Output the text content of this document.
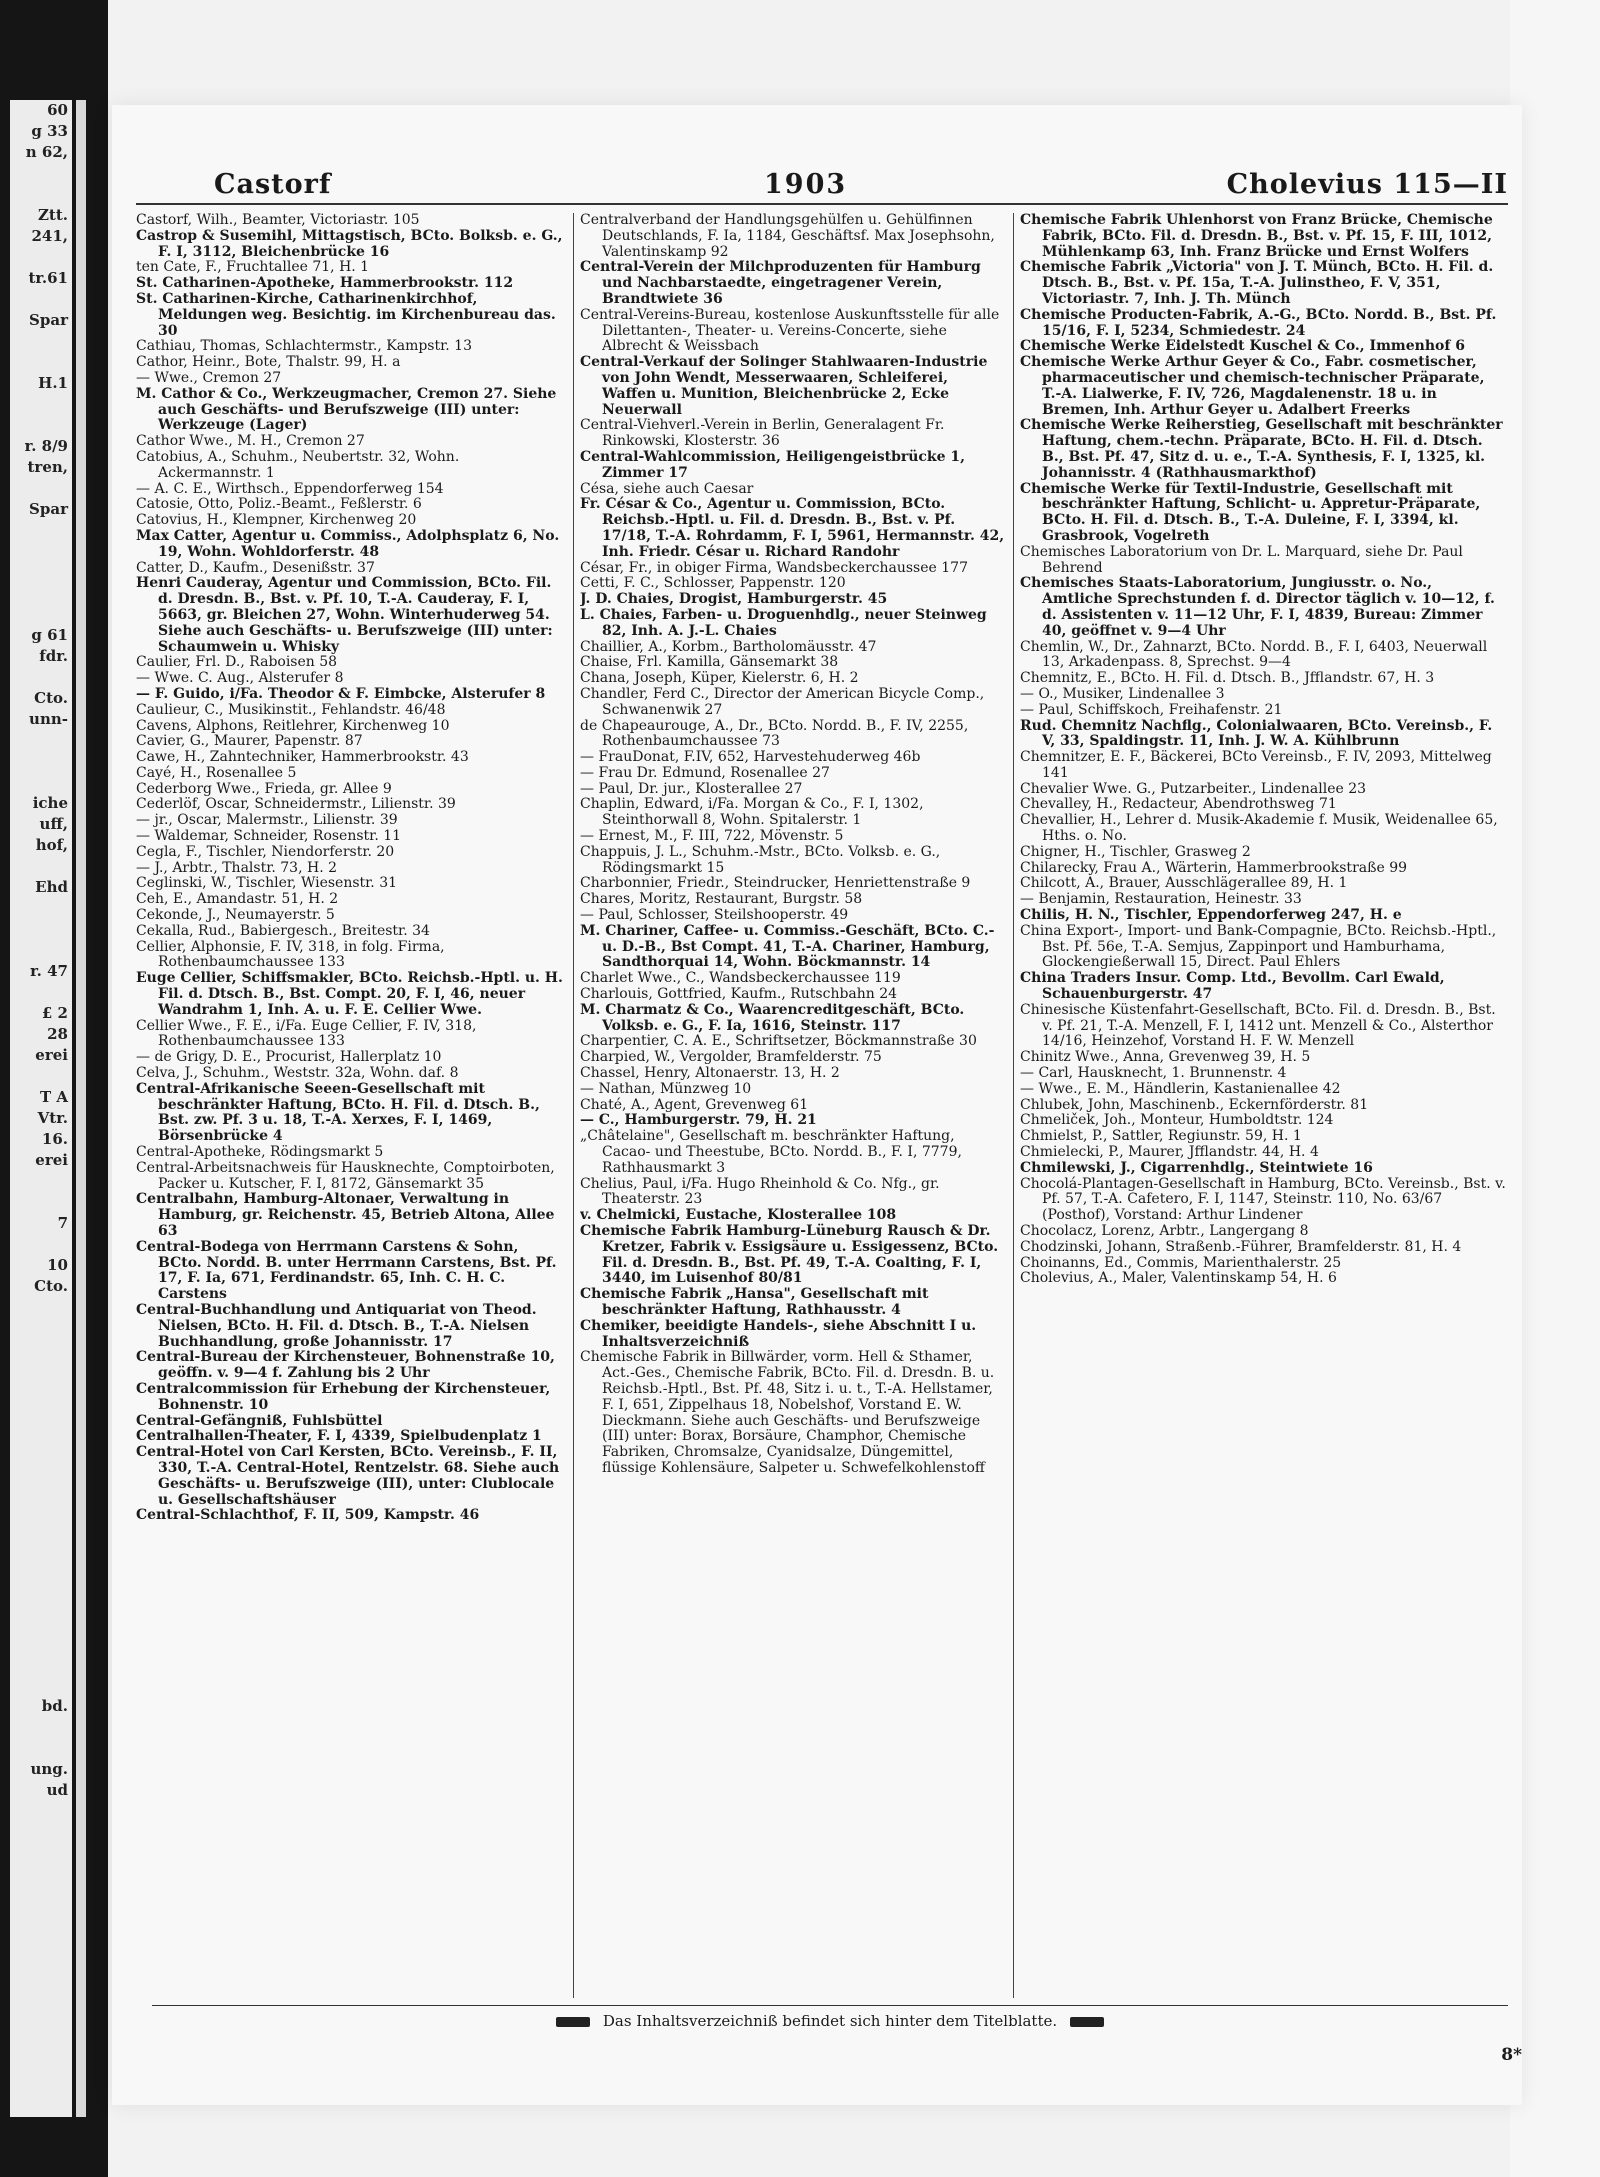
60
g 33
n 62,
Ztt.
241,
tr.61
Spar
H.1
r. 8/9
tren,
Spar
g 61
fdr.
Cto.
unn-
iche
uff,
hof,
Ehd
r. 47
£ 2
28
erei
T A
Vtr.
16.
erei
7
10
Cto.
bd.
ung.
ud
Castorf	1903	Cholevius 115—II

Castorf, Wilh., Beamter, Victoriastr. 105

Castrop & Susemihl, Mittagstisch, BCto. Bolksb. e. G., F. I, 3112, Bleichenbrücke 16

ten Cate, F., Fruchtallee 71, H. 1

St. Catharinen-Apotheke, Hammerbrookstr. 112

St. Catharinen-Kirche, Catharinenkirchhof, Meldungen weg. Besichtig. im Kirchenbureau das. 30

Cathiau, Thomas, Schlachtermstr., Kampstr. 13

Cathor, Heinr., Bote, Thalstr. 99, H. a

— Wwe., Cremon 27

M. Cathor & Co., Werkzeugmacher, Cremon 27. Siehe auch Geschäfts- und Berufszweige (III) unter: Werkzeuge (Lager)

Cathor Wwe., M. H., Cremon 27

Catobius, A., Schuhm., Neubertstr. 32, Wohn. Ackermannstr. 1

— A. C. E., Wirthsch., Eppendorferweg 154

Catosie, Otto, Poliz.-Beamt., Feßlerstr. 6

Catovius, H., Klempner, Kirchenweg 20

Max Catter, Agentur u. Commiss., Adolphsplatz 6, No. 19, Wohn. Wohldorferstr. 48

Catter, D., Kaufm., Desenißstr. 37

Henri Cauderay, Agentur und Commission, BCto. Fil. d. Dresdn. B., Bst. v. Pf. 10, T.-A. Cauderay, F. I, 5663, gr. Bleichen 27, Wohn. Winterhuderweg 54. Siehe auch Geschäfts- u. Berufszweige (III) unter: Schaumwein u. Whisky

Caulier, Frl. D., Raboisen 58

— Wwe. C. Aug., Alsterufer 8

— F. Guido, i/Fa. Theodor & F. Eimbcke, Alsterufer 8

Caulieur, C., Musikinstit., Fehlandstr. 46/48

Cavens, Alphons, Reitlehrer, Kirchenweg 10

Cavier, G., Maurer, Papenstr. 87

Cawe, H., Zahntechniker, Hammerbrookstr. 43

Cayé, H., Rosenallee 5

Cederborg Wwe., Frieda, gr. Allee 9

Cederlöf, Oscar, Schneidermstr., Lilienstr. 39

— jr., Oscar, Malermstr., Lilienstr. 39

— Waldemar, Schneider, Rosenstr. 11

Cegla, F., Tischler, Niendorferstr. 20

— J., Arbtr., Thalstr. 73, H. 2

Ceglinski, W., Tischler, Wiesenstr. 31

Ceh, E., Amandastr. 51, H. 2

Cekonde, J., Neumayerstr. 5

Cekalla, Rud., Babiergesch., Breitestr. 34

Cellier, Alphonsie, F. IV, 318, in folg. Firma, Rothenbaumchaussee 133

Euge Cellier, Schiffsmakler, BCto. Reichsb.-Hptl. u. H. Fil. d. Dtsch. B., Bst. Compt. 20, F. I, 46, neuer Wandrahm 1, Inh. A. u. F. E. Cellier Wwe.

Cellier Wwe., F. E., i/Fa. Euge Cellier, F. IV, 318, Rothenbaumchaussee 133

— de Grigy, D. E., Procurist, Hallerplatz 10

Celva, J., Schuhm., Weststr. 32a, Wohn. daf. 8

Central-Afrikanische Seeen-Gesellschaft mit beschränkter Haftung, BCto. H. Fil. d. Dtsch. B., Bst. zw. Pf. 3 u. 18, T.-A. Xerxes, F. I, 1469, Börsenbrücke 4

Central-Apotheke, Rödingsmarkt 5

Central-Arbeitsnachweis für Hausknechte, Comptoirboten, Packer u. Kutscher, F. I, 8172, Gänsemarkt 35

Centralbahn, Hamburg-Altonaer, Verwaltung in Hamburg, gr. Reichenstr. 45, Betrieb Altona, Allee 63

Central-Bodega von Herrmann Carstens & Sohn, BCto. Nordd. B. unter Herrmann Carstens, Bst. Pf. 17, F. Ia, 671, Ferdinandstr. 65, Inh. C. H. C. Carstens

Central-Buchhandlung und Antiquariat von Theod. Nielsen, BCto. H. Fil. d. Dtsch. B., T.-A. Nielsen Buchhandlung, große Johannisstr. 17

Central-Bureau der Kirchensteuer, Bohnenstraße 10, geöffn. v. 9—4 f. Zahlung bis 2 Uhr

Centralcommission für Erhebung der Kirchensteuer, Bohnenstr. 10

Central-Gefängniß, Fuhlsbüttel

Centralhallen-Theater, F. I, 4339, Spielbudenplatz 1

Central-Hotel von Carl Kersten, BCto. Vereinsb., F. II, 330, T.-A. Central-Hotel, Rentzelstr. 68. Siehe auch Geschäfts- u. Berufszweige (III), unter: Clublocale u. Gesellschaftshäuser

Central-Schlachthof, F. II, 509, Kampstr. 46

Centralverband der Handlungsgehülfen u. Gehülfinnen Deutschlands, F. Ia, 1184, Geschäftsf. Max Josephsohn, Valentinskamp 92

Central-Verein der Milchproduzenten für Hamburg und Nachbarstaedte, eingetragener Verein, Brandtwiete 36

Central-Vereins-Bureau, kostenlose Auskunftsstelle für alle Dilettanten-, Theater- u. Vereins-Concerte, siehe Albrecht & Weissbach

Central-Verkauf der Solinger Stahlwaaren-Industrie von John Wendt, Messerwaaren, Schleiferei, Waffen u. Munition, Bleichenbrücke 2, Ecke Neuerwall

Central-Viehverl.-Verein in Berlin, Generalagent Fr. Rinkowski, Klosterstr. 36

Central-Wahlcommission, Heiligengeistbrücke 1, Zimmer 17

Césa, siehe auch Caesar

Fr. César & Co., Agentur u. Commission, BCto. Reichsb.-Hptl. u. Fil. d. Dresdn. B., Bst. v. Pf. 17/18, T.-A. Rohrdamm, F. I, 5961, Hermannstr. 42, Inh. Friedr. César u. Richard Randohr

César, Fr., in obiger Firma, Wandsbeckerchaussee 177

Cetti, F. C., Schlosser, Pappenstr. 120

J. D. Chaies, Drogist, Hamburgerstr. 45

L. Chaies, Farben- u. Droguenhdlg., neuer Steinweg 82, Inh. A. J.-L. Chaies

Chaillier, A., Korbm., Bartholomäusstr. 47

Chaise, Frl. Kamilla, Gänsemarkt 38

Chana, Joseph, Küper, Kielerstr. 6, H. 2

Chandler, Ferd C., Director der American Bicycle Comp., Schwanenwik 27

de Chapeaurouge, A., Dr., BCto. Nordd. B., F. IV, 2255, Rothenbaumchaussee 73

— FrauDonat, F.IV, 652, Harvestehuderweg 46b

— Frau Dr. Edmund, Rosenallee 27

— Paul, Dr. jur., Klosterallee 27

Chaplin, Edward, i/Fa. Morgan & Co., F. I, 1302, Steinthorwall 8, Wohn. Spitalerstr. 1

— Ernest, M., F. III, 722, Mövenstr. 5

Chappuis, J. L., Schuhm.-Mstr., BCto. Volksb. e. G., Rödingsmarkt 15

Charbonnier, Friedr., Steindrucker, Henriettenstraße 9

Chares, Moritz, Restaurant, Burgstr. 58

— Paul, Schlosser, Steilshooperstr. 49

M. Chariner, Caffee- u. Commiss.-Geschäft, BCto. C.- u. D.-B., Bst Compt. 41, T.-A. Chariner, Hamburg, Sandthorquai 14, Wohn. Böckmannstr. 14

Charlet Wwe., C., Wandsbeckerchaussee 119

Charlouis, Gottfried, Kaufm., Rutschbahn 24

M. Charmatz & Co., Waarencreditgeschäft, BCto. Volksb. e. G., F. Ia, 1616, Steinstr. 117

Charpentier, C. A. E., Schriftsetzer, Böckmannstraße 30

Charpied, W., Vergolder, Bramfelderstr. 75

Chassel, Henry, Altonaerstr. 13, H. 2

— Nathan, Münzweg 10

Chaté, A., Agent, Grevenweg 61

— C., Hamburgerstr. 79, H. 21

„Châtelaine", Gesellschaft m. beschränkter Haftung, Cacao- und Theestube, BCto. Nordd. B., F. I, 7779, Rathhausmarkt 3

Chelius, Paul, i/Fa. Hugo Rheinhold & Co. Nfg., gr. Theaterstr. 23

v. Chelmicki, Eustache, Klosterallee 108

Chemische Fabrik Hamburg-Lüneburg Rausch & Dr. Kretzer, Fabrik v. Essigsäure u. Essigessenz, BCto. Fil. d. Dresdn. B., Bst. Pf. 49, T.-A. Coalting, F. I, 3440, im Luisenhof 80/81

Chemische Fabrik „Hansa", Gesellschaft mit beschränkter Haftung, Rathhausstr. 4

Chemiker, beeidigte Handels-, siehe Abschnitt I u. Inhaltsverzeichniß

Chemische Fabrik in Billwärder, vorm. Hell & Sthamer, Act.-Ges., Chemische Fabrik, BCto. Fil. d. Dresdn. B. u. Reichsb.-Hptl., Bst. Pf. 48, Sitz i. u. t., T.-A. Hellstamer, F. I, 651, Zippelhaus 18, Nobelshof, Vorstand E. W. Dieckmann. Siehe auch Geschäfts- und Berufszweige (III) unter: Borax, Borsäure, Champhor, Chemische Fabriken, Chromsalze, Cyanidsalze, Düngemittel, flüssige Kohlensäure, Salpeter u. Schwefelkohlenstoff

Chemische Fabrik Uhlenhorst von Franz Brücke, Chemische Fabrik, BCto. Fil. d. Dresdn. B., Bst. v. Pf. 15, F. III, 1012, Mühlenkamp 63, Inh. Franz Brücke und Ernst Wolfers

Chemische Fabrik „Victoria" von J. T. Münch, BCto. H. Fil. d. Dtsch. B., Bst. v. Pf. 15a, T.-A. Julinstheo, F. V, 351, Victoriastr. 7, Inh. J. Th. Münch

Chemische Producten-Fabrik, A.-G., BCto. Nordd. B., Bst. Pf. 15/16, F. I, 5234, Schmiedestr. 24

Chemische Werke Eidelstedt Kuschel & Co., Immenhof 6

Chemische Werke Arthur Geyer & Co., Fabr. cosmetischer, pharmaceutischer und chemisch-technischer Präparate, T.-A. Lialwerke, F. IV, 726, Magdalenenstr. 18 u. in Bremen, Inh. Arthur Geyer u. Adalbert Freerks

Chemische Werke Reiherstieg, Gesellschaft mit beschränkter Haftung, chem.-techn. Präparate, BCto. H. Fil. d. Dtsch. B., Bst. Pf. 47, Sitz d. u. e., T.-A. Synthesis, F. I, 1325, kl. Johannisstr. 4 (Rathhausmarkthof)

Chemische Werke für Textil-Industrie, Gesellschaft mit beschränkter Haftung, Schlicht- u. Appretur-Präparate, BCto. H. Fil. d. Dtsch. B., T.-A. Duleine, F. I, 3394, kl. Grasbrook, Vogelreth

Chemisches Laboratorium von Dr. L. Marquard, siehe Dr. Paul Behrend

Chemisches Staats-Laboratorium, Jungiusstr. o. No., Amtliche Sprechstunden f. d. Director täglich v. 10—12, f. d. Assistenten v. 11—12 Uhr, F. I, 4839, Bureau: Zimmer 40, geöffnet v. 9—4 Uhr

Chemlin, W., Dr., Zahnarzt, BCto. Nordd. B., F. I, 6403, Neuerwall 13, Arkadenpass. 8, Sprechst. 9—4

Chemnitz, E., BCto. H. Fil. d. Dtsch. B., Jfflandstr. 67, H. 3

— O., Musiker, Lindenallee 3

— Paul, Schiffskoch, Freihafenstr. 21

Rud. Chemnitz Nachflg., Colonialwaaren, BCto. Vereinsb., F. V, 33, Spaldingstr. 11, Inh. J. W. A. Kühlbrunn

Chemnitzer, E. F., Bäckerei, BCto Vereinsb., F. IV, 2093, Mittelweg 141

Chevalier Wwe. G., Putzarbeiter., Lindenallee 23

Chevalley, H., Redacteur, Abendrothsweg 71

Chevallier, H., Lehrer d. Musik-Akademie f. Musik, Weidenallee 65, Hths. o. No.

Chigner, H., Tischler, Grasweg 2

Chilarecky, Frau A., Wärterin, Hammerbrookstraße 99

Chilcott, A., Brauer, Ausschlägerallee 89, H. 1

— Benjamin, Restauration, Heinestr. 33

Chilis, H. N., Tischler, Eppendorferweg 247, H. e

China Export-, Import- und Bank-Compagnie, BCto. Reichsb.-Hptl., Bst. Pf. 56e, T.-A. Semjus, Zappinport und Hamburhama, Glockengießerwall 15, Direct. Paul Ehlers

China Traders Insur. Comp. Ltd., Bevollm. Carl Ewald, Schauenburgerstr. 47

Chinesische Küstenfahrt-Gesellschaft, BCto. Fil. d. Dresdn. B., Bst. v. Pf. 21, T.-A. Menzell, F. I, 1412 unt. Menzell & Co., Alsterthor 14/16, Heinzehof, Vorstand H. F. W. Menzell

Chinitz Wwe., Anna, Grevenweg 39, H. 5

— Carl, Hausknecht, 1. Brunnenstr. 4

— Wwe., E. M., Händlerin, Kastanienallee 42

Chlubek, John, Maschinenb., Eckernförderstr. 81

Chmeliček, Joh., Monteur, Humboldtstr. 124

Chmielst, P., Sattler, Regiunstr. 59, H. 1

Chmielecki, P., Maurer, Jfflandstr. 44, H. 4

Chmilewski, J., Cigarrenhdlg., Steintwiete 16

Chocolá-Plantagen-Gesellschaft in Hamburg, BCto. Vereinsb., Bst. v. Pf. 57, T.-A. Cafetero, F. I, 1147, Steinstr. 110, No. 63/67 (Posthof), Vorstand: Arthur Lindener

Chocolacz, Lorenz, Arbtr., Langergang 8

Chodzinski, Johann, Straßenb.-Führer, Bramfelderstr. 81, H. 4

Choinanns, Ed., Commis, Marienthalerstr. 25

Cholevius, A., Maler, Valentinskamp 54, H. 6

Das Inhaltsverzeichniß befindet sich hinter dem Titelblatte.
8*
